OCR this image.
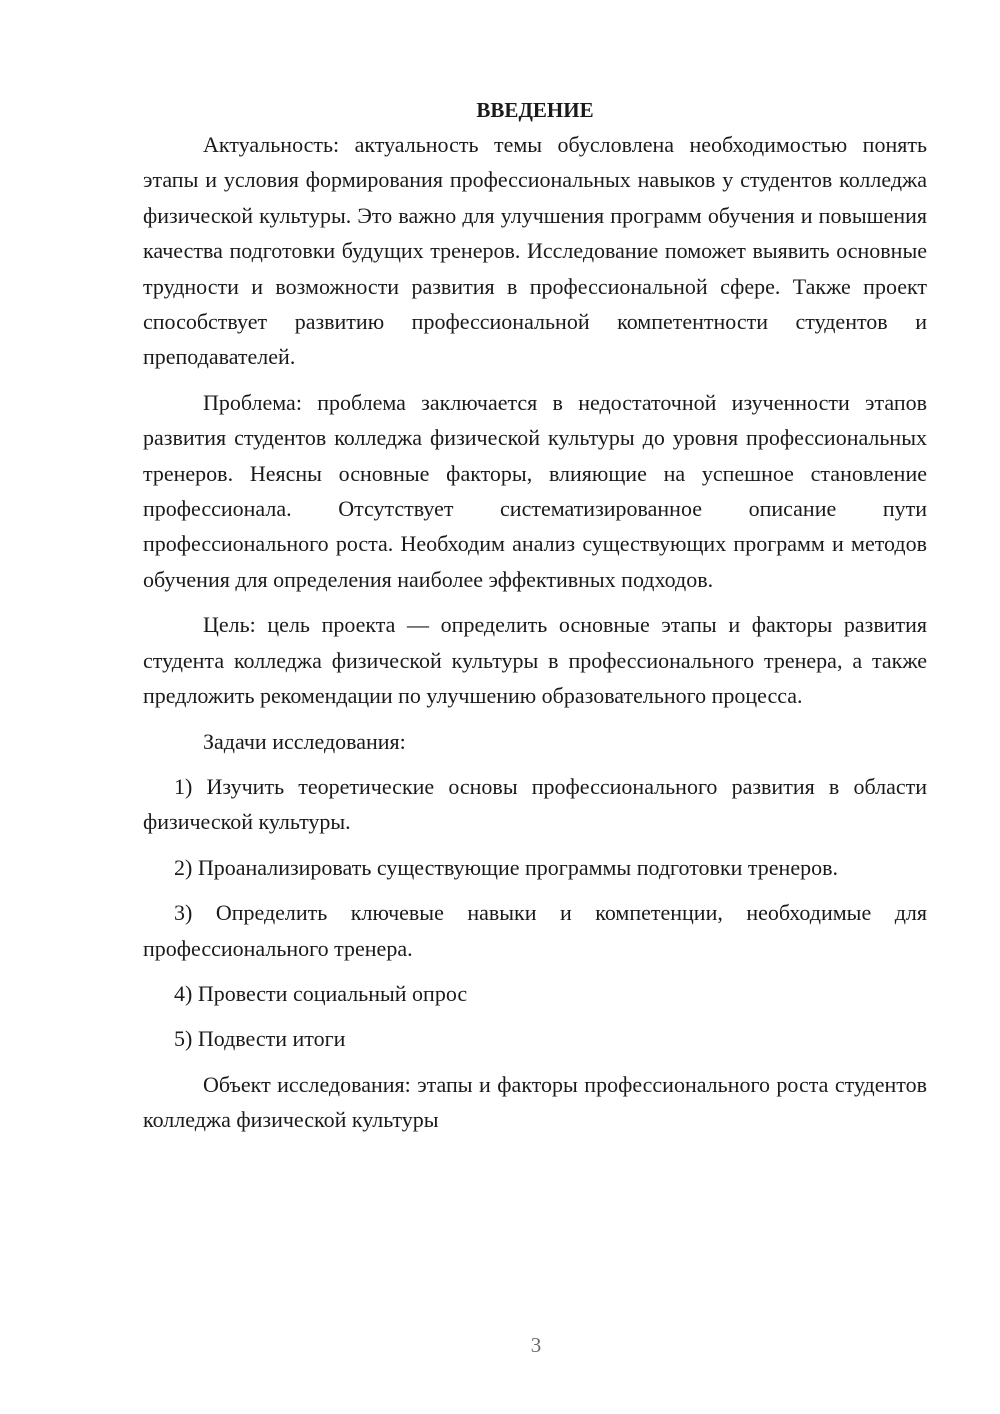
ВВЕДЕНИЕ

Актуальность: актуальность темы обусловлена необходимостью понять этапы и условия формирования профессиональных навыков у студентов колледжа физической культуры. Это важно для улучшения программ обучения и повышения качества подготовки будущих тренеров. Исследование поможет выявить основные трудности и возможности развития в профессиональной сфере. Также проект способствует развитию профессиональной компетентности студентов и преподавателей.

Проблема: проблема заключается в недостаточной изученности этапов развития студентов колледжа физической культуры до уровня профессиональных тренеров. Неясны основные факторы, влияющие на успешное становление профессионала. Отсутствует систематизированное описание пути профессионального роста. Необходим анализ существующих программ и методов обучения для определения наиболее эффективных подходов.

Цель: цель проекта — определить основные этапы и факторы развития студента колледжа физической культуры в профессионального тренера, а также предложить рекомендации по улучшению образовательного процесса.

Задачи исследования:

1) Изучить теоретические основы профессионального развития в области физической культуры.

2) Проанализировать существующие программы подготовки тренеров.

3) Определить ключевые навыки и компетенции, необходимые для профессионального тренера.

4) Провести социальный опрос

5) Подвести итоги

Объект исследования: этапы и факторы профессионального роста студентов колледжа физической культуры

3
